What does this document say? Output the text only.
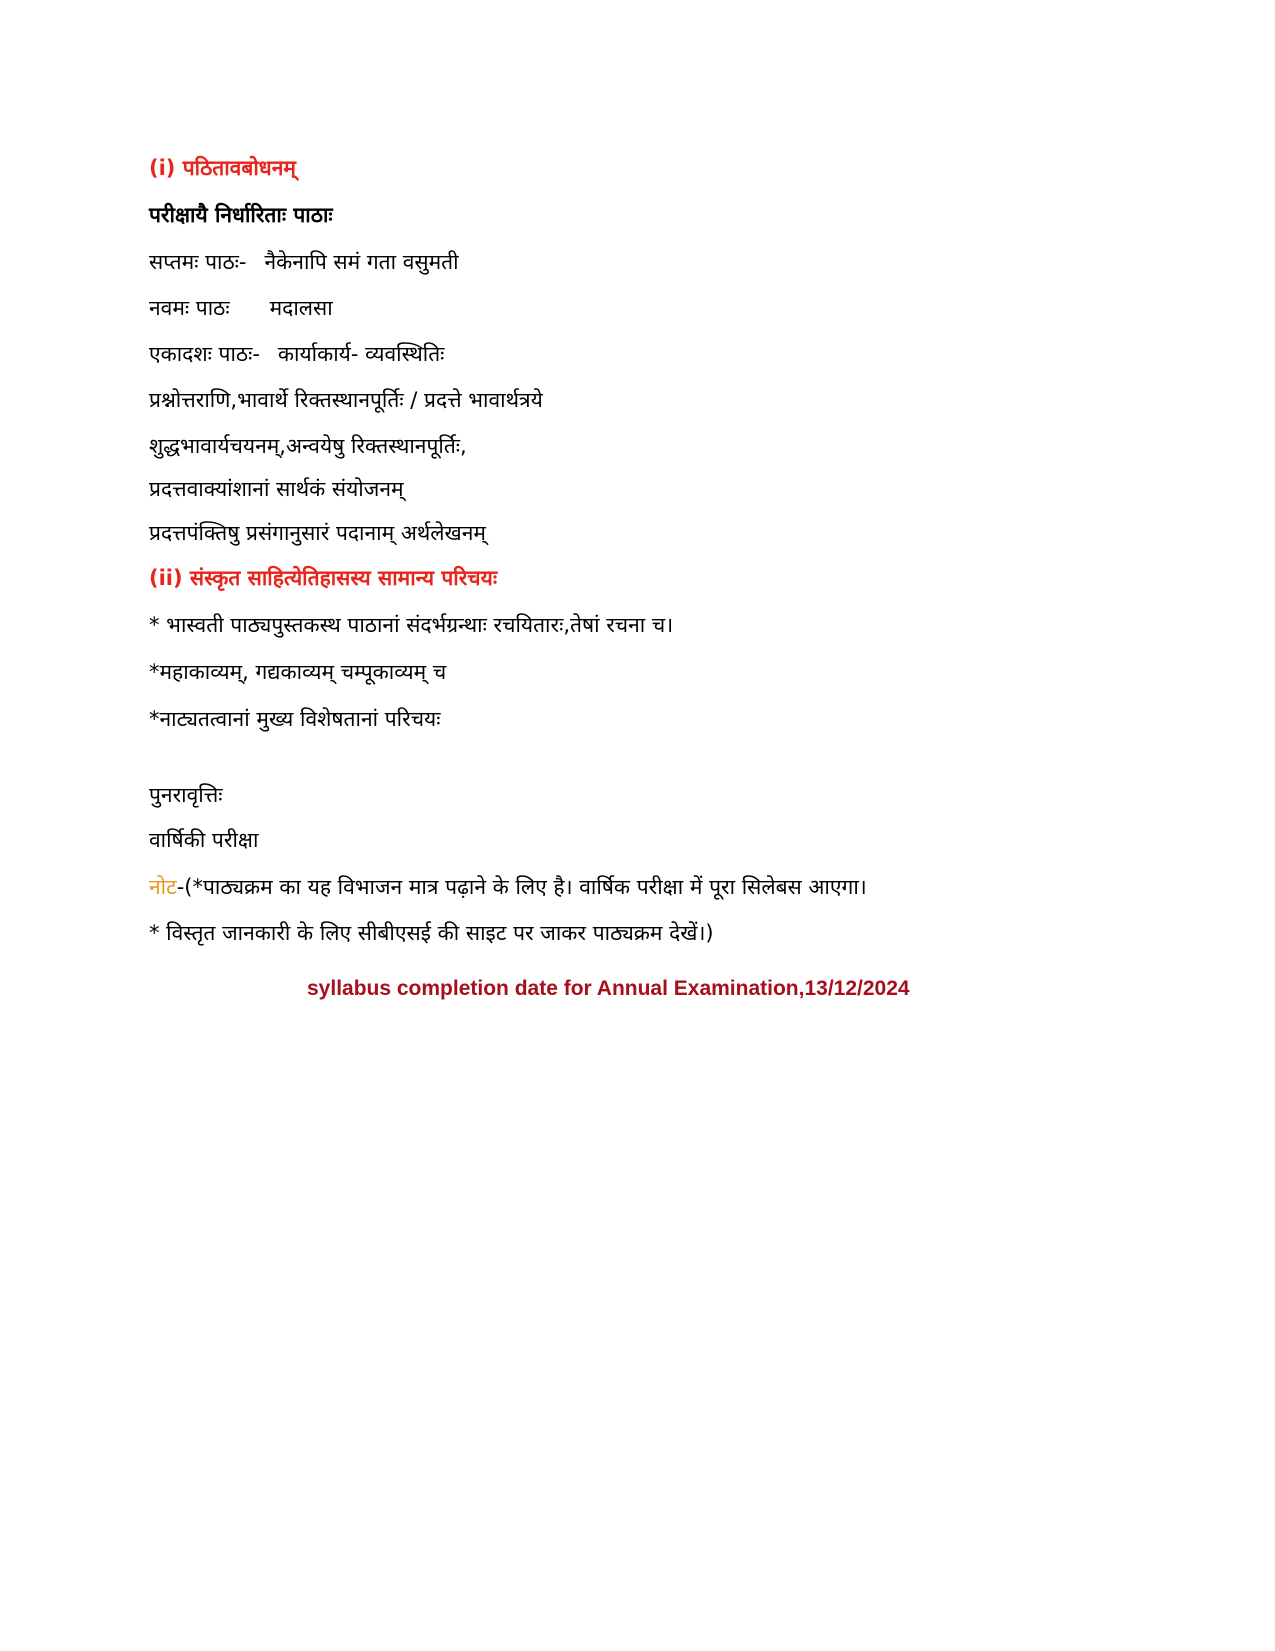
(i) पठितावबोधनम्
परीक्षायै निर्धारिताः पाठाः
सप्तमः पाठः- नैकेनापि समं गता वसुमती
नवमः पाठः मदालसा
एकादशः पाठः- कार्याकार्य- व्यवस्थितिः
प्रश्नोत्तराणि,भावार्थे रिक्तस्थानपूर्तिः / प्रदत्ते भावार्थत्रये
शुद्धभावार्यचयनम्,अन्वयेषु रिक्तस्थानपूर्तिः,
प्रदत्तवाक्यांशानां सार्थकं संयोजनम्
प्रदत्तपंक्तिषु प्रसंगानुसारं पदानाम् अर्थलेखनम्
(ii) संस्कृत साहित्येतिहासस्य सामान्य परिचयः
* भास्वती पाठ्यपुस्तकस्थ पाठानां संदर्भग्रन्थाः रचयितारः,तेषां रचना च।
*महाकाव्यम्, गद्यकाव्यम् चम्पूकाव्यम् च
*नाट्यतत्वानां मुख्य विशेषतानां परिचयः
पुनरावृत्तिः
वार्षिकी परीक्षा
नोट-(*पाठ्यक्रम का यह विभाजन मात्र पढ़ाने के लिए है। वार्षिक परीक्षा में पूरा सिलेबस आएगा।
* विस्तृत जानकारी के लिए सीबीएसई की साइट पर जाकर पाठ्यक्रम देखें।)
syllabus completion date for Annual Examination,13/12/2024
